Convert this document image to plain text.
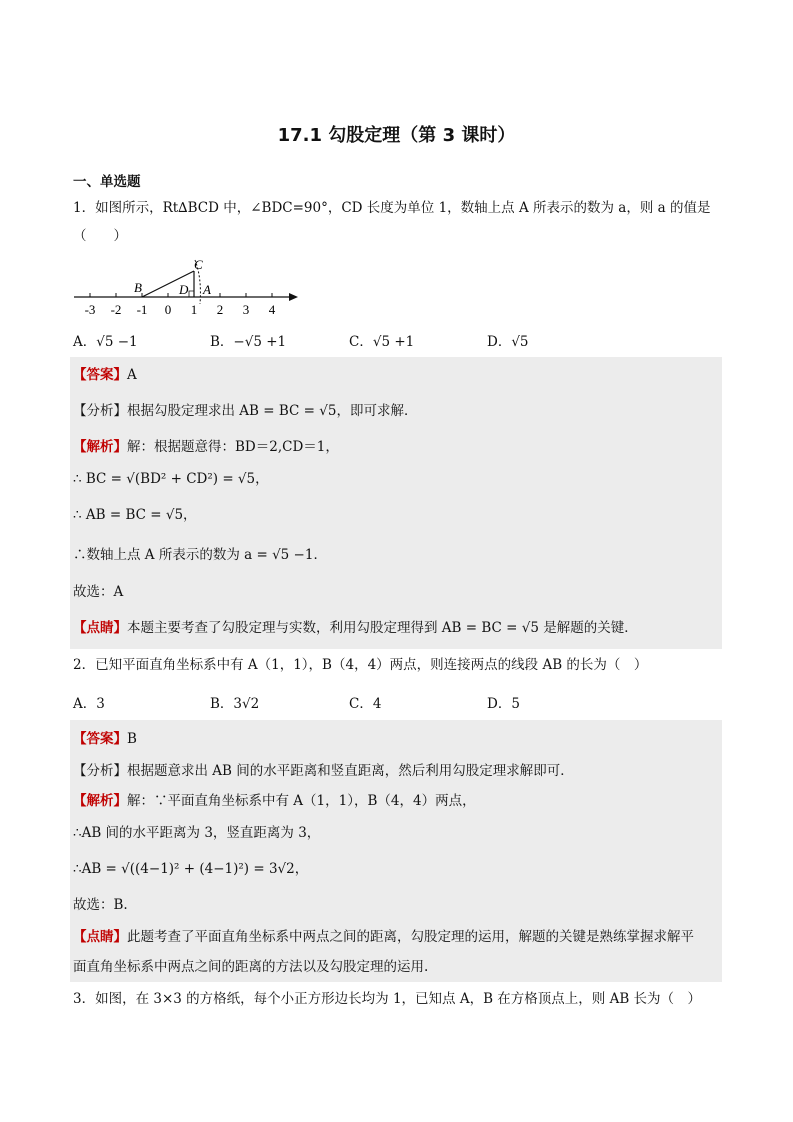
17.1 勾股定理（第 3 课时）
一、单选题
1．如图所示，Rt∆BCD 中，∠BDC=90°，CD 长度为单位 1，数轴上点 A 所表示的数为 a，则 a 的值是
（　　）
-3 -2 -1 0 1 2 3 4
B
C
D A
A．√5 −1	B．−√5 +1	C．√5 +1	D．√5
【答案】A
【分析】根据勾股定理求出 AB = BC = √5，即可求解．
【解析】解：根据题意得：BD＝2,CD＝1，
∴ BC = √(BD² + CD²) = √5，
∴ AB = BC = √5，
∴数轴上点 A 所表示的数为 a = √5 −1．
故选：A
【点睛】本题主要考查了勾股定理与实数，利用勾股定理得到 AB = BC = √5 是解题的关键．
2．已知平面直角坐标系中有 A（1，1），B（4，4）两点，则连接两点的线段 AB 的长为（　）
A．3	B．3√2	C．4	D．5
【答案】B
【分析】根据题意求出 AB 间的水平距离和竖直距离，然后利用勾股定理求解即可．
【解析】解：∵平面直角坐标系中有 A（1，1），B（4，4）两点，
∴AB 间的水平距离为 3，竖直距离为 3，
∴AB = √((4−1)² + (4−1)²) = 3√2，
故选：B.
【点睛】此题考查了平面直角坐标系中两点之间的距离，勾股定理的运用，解题的关键是熟练掌握求解平
面直角坐标系中两点之间的距离的方法以及勾股定理的运用.
3．如图，在 3×3 的方格纸，每个小正方形边长均为 1，已知点 A，B 在方格顶点上，则 AB 长为（　）
